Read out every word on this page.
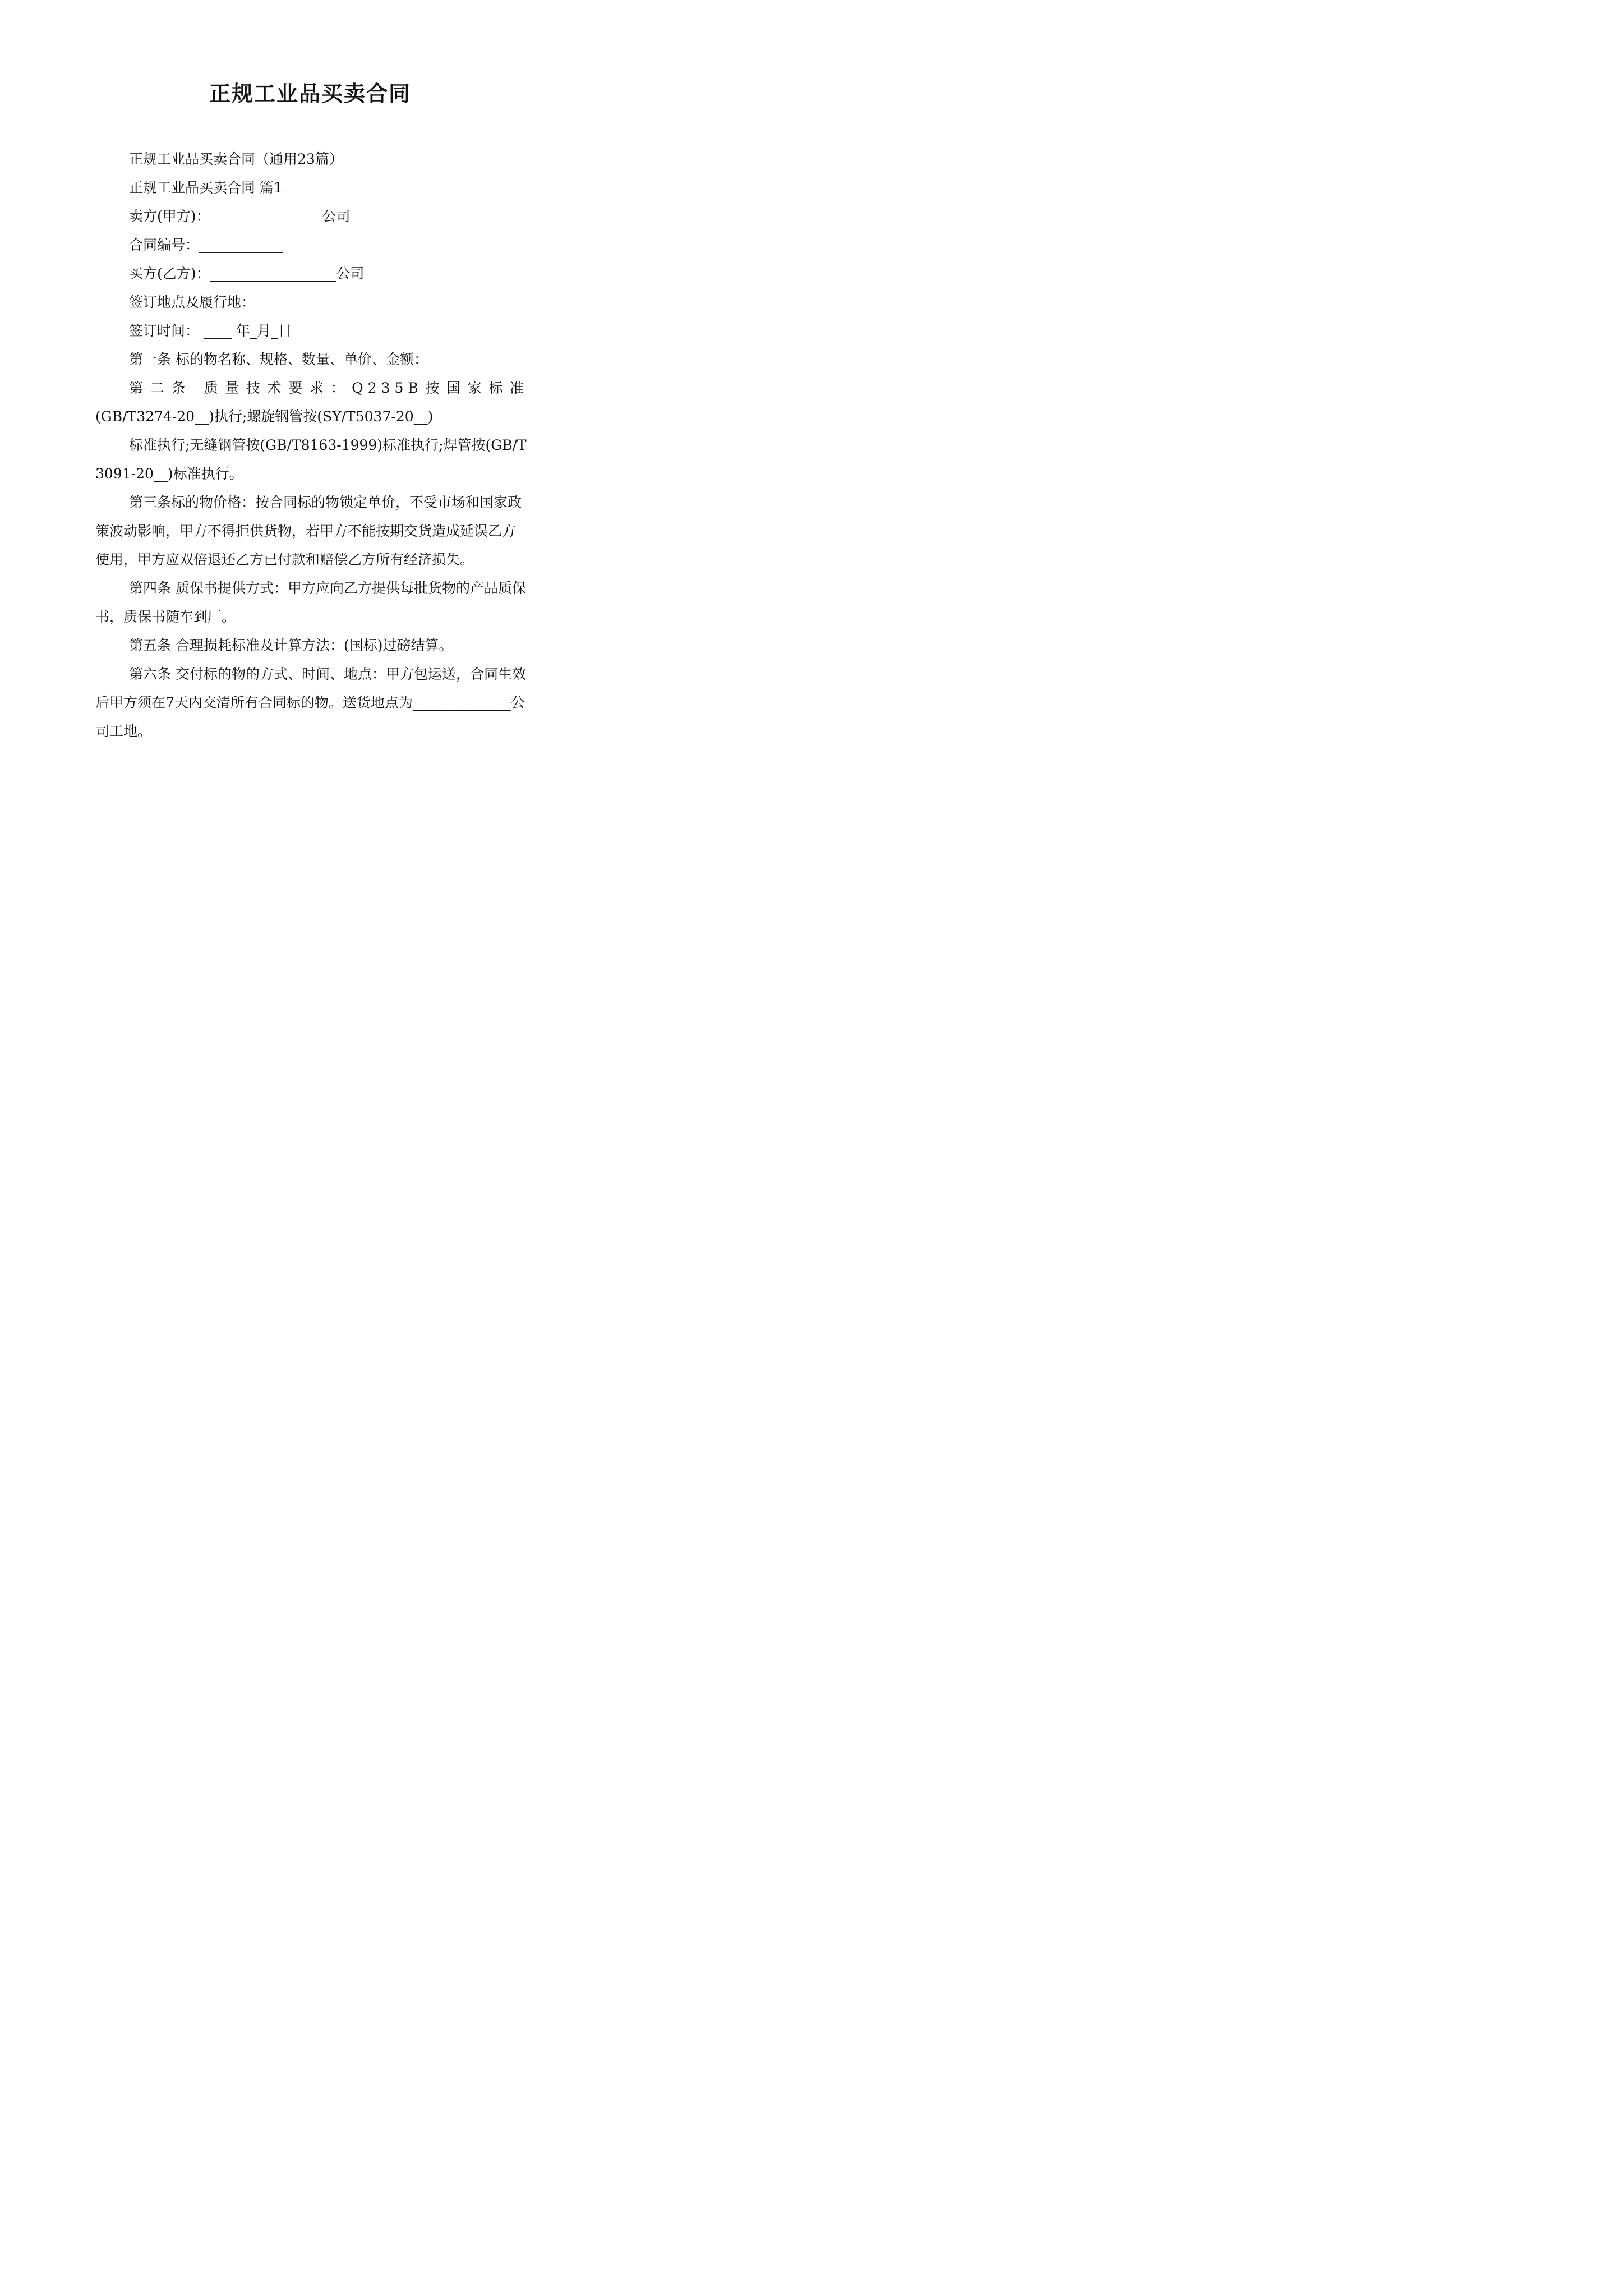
正规工业品买卖合同

正规工业品买卖合同（通用23篇）

正规工业品买卖合同 篇1

卖方(甲方)：________________公司

合同编号：____________

买方(乙方)：__________________公司

签订地点及履行地：_______

签订时间： ____ 年_月_日

第一条 标的物名称、规格、数量、单价、金额：

第二条 质量技术要求：Q235B按国家标准

(GB/T3274-20__)执行;螺旋钢管按(SY/T5037-20__)

标准执行;无缝钢管按(GB/T8163-1999)标准执行;焊管按(GB/T3091-20__)标准执行。

第三条标的物价格：按合同标的物锁定单价，不受市场和国家政策波动影响，甲方不得拒供货物，若甲方不能按期交货造成延误乙方使用，甲方应双倍退还乙方已付款和赔偿乙方所有经济损失。

第四条 质保书提供方式：甲方应向乙方提供每批货物的产品质保书，质保书随车到厂。

第五条 合理损耗标准及计算方法：(国标)过磅结算。

第六条 交付标的物的方式、时间、地点：甲方包运送，合同生效后甲方须在7天内交清所有合同标的物。送货地点为______________公司工地。
